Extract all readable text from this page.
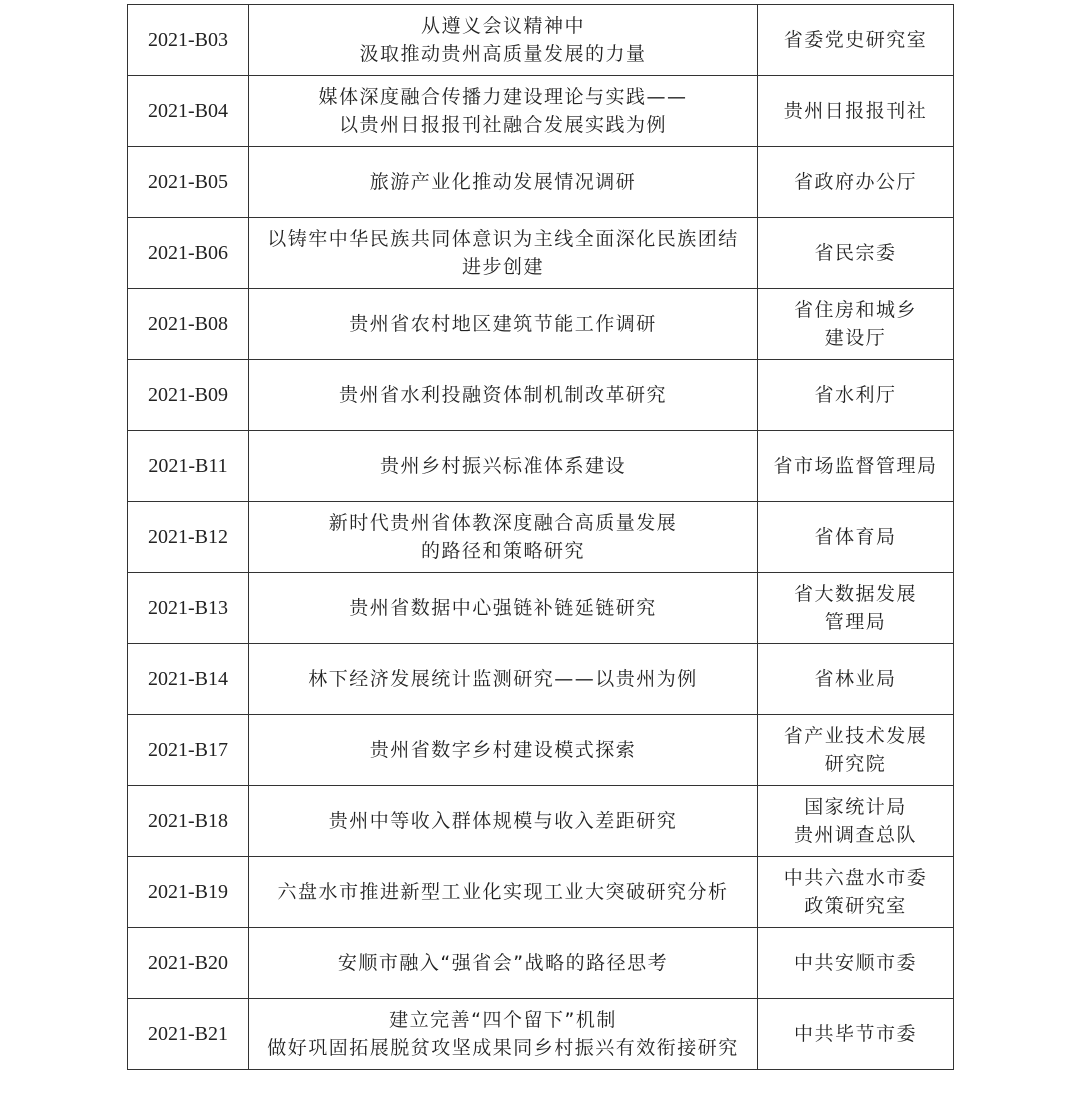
2021-B03	从遵义会议精神中
汲取推动贵州高质量发展的力量	省委党史研究室

2021-B04	媒体深度融合传播力建设理论与实践——
以贵州日报报刊社融合发展实践为例	贵州日报报刊社

2021-B05	旅游产业化推动发展情况调研	省政府办公厅

2021-B06	以铸牢中华民族共同体意识为主线全面深化民族团结
进步创建	省民宗委

2021-B08	贵州省农村地区建筑节能工作调研	省住房和城乡
建设厅

2021-B09	贵州省水利投融资体制机制改革研究	省水利厅

2021-B11	贵州乡村振兴标准体系建设	省市场监督管理局

2021-B12	新时代贵州省体教深度融合高质量发展
的路径和策略研究	省体育局

2021-B13	贵州省数据中心强链补链延链研究	省大数据发展
管理局

2021-B14	林下经济发展统计监测研究——以贵州为例	省林业局

2021-B17	贵州省数字乡村建设模式探索	省产业技术发展
研究院

2021-B18	贵州中等收入群体规模与收入差距研究	国家统计局
贵州调查总队

2021-B19	六盘水市推进新型工业化实现工业大突破研究分析	中共六盘水市委
政策研究室

2021-B20	安顺市融入“强省会”战略的路径思考	中共安顺市委

2021-B21	建立完善“四个留下”机制
做好巩固拓展脱贫攻坚成果同乡村振兴有效衔接研究	中共毕节市委
